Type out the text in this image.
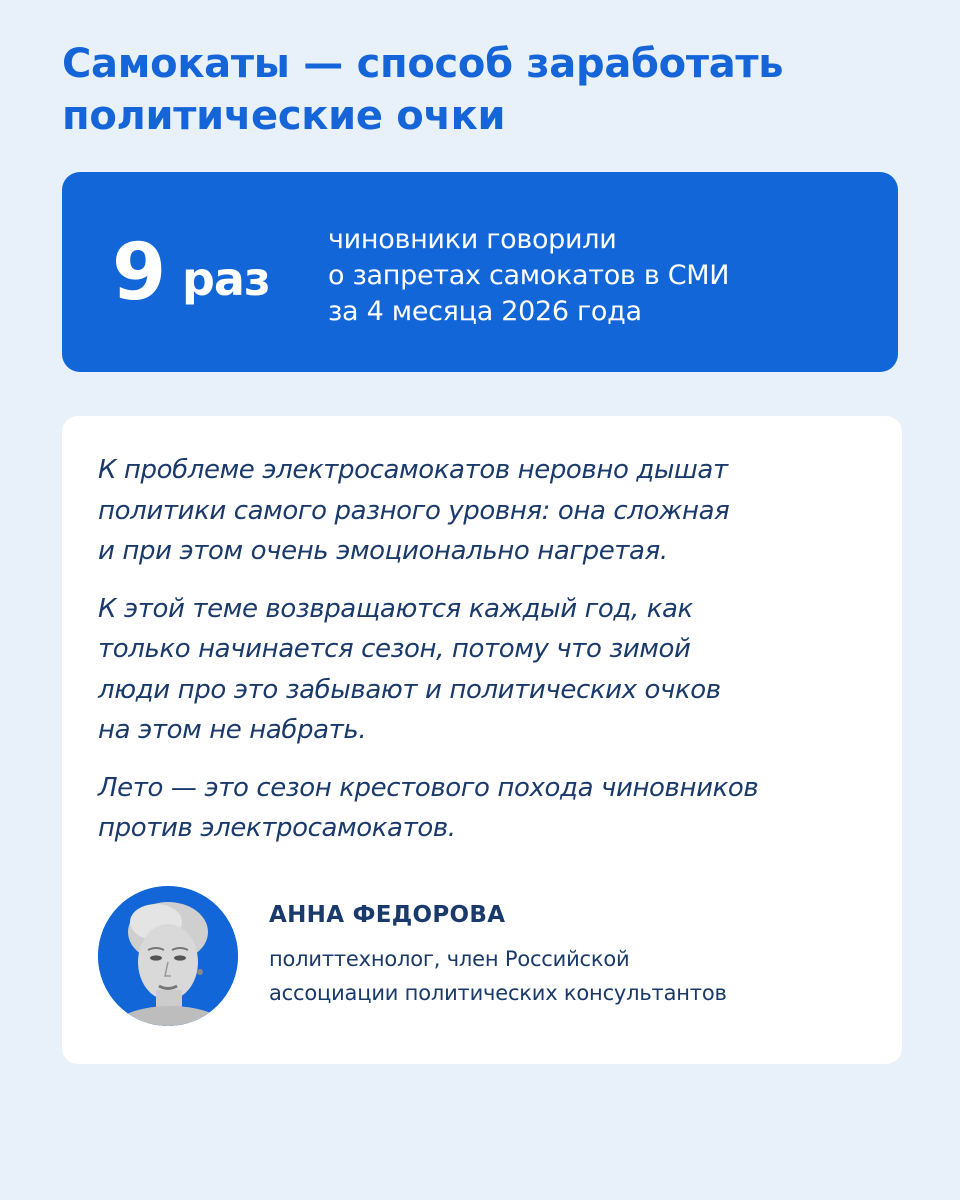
Самокаты — способ заработать
политические очки
9 раз
чиновники говорили
о запретах самокатов в СМИ
за 4 месяца 2026 года

К проблеме электросамокатов неровно дышат
политики самого разного уровня: она сложная
и при этом очень эмоционально нагретая.

К этой теме возвращаются каждый год, как
только начинается сезон, потому что зимой
люди про это забывают и политических очков
на этом не набрать.

Лето — это сезон крестового похода чиновников
против электросамокатов.

АННА ФЕДОРОВА
политтехнолог, член Российской
ассоциации политических консультантов
